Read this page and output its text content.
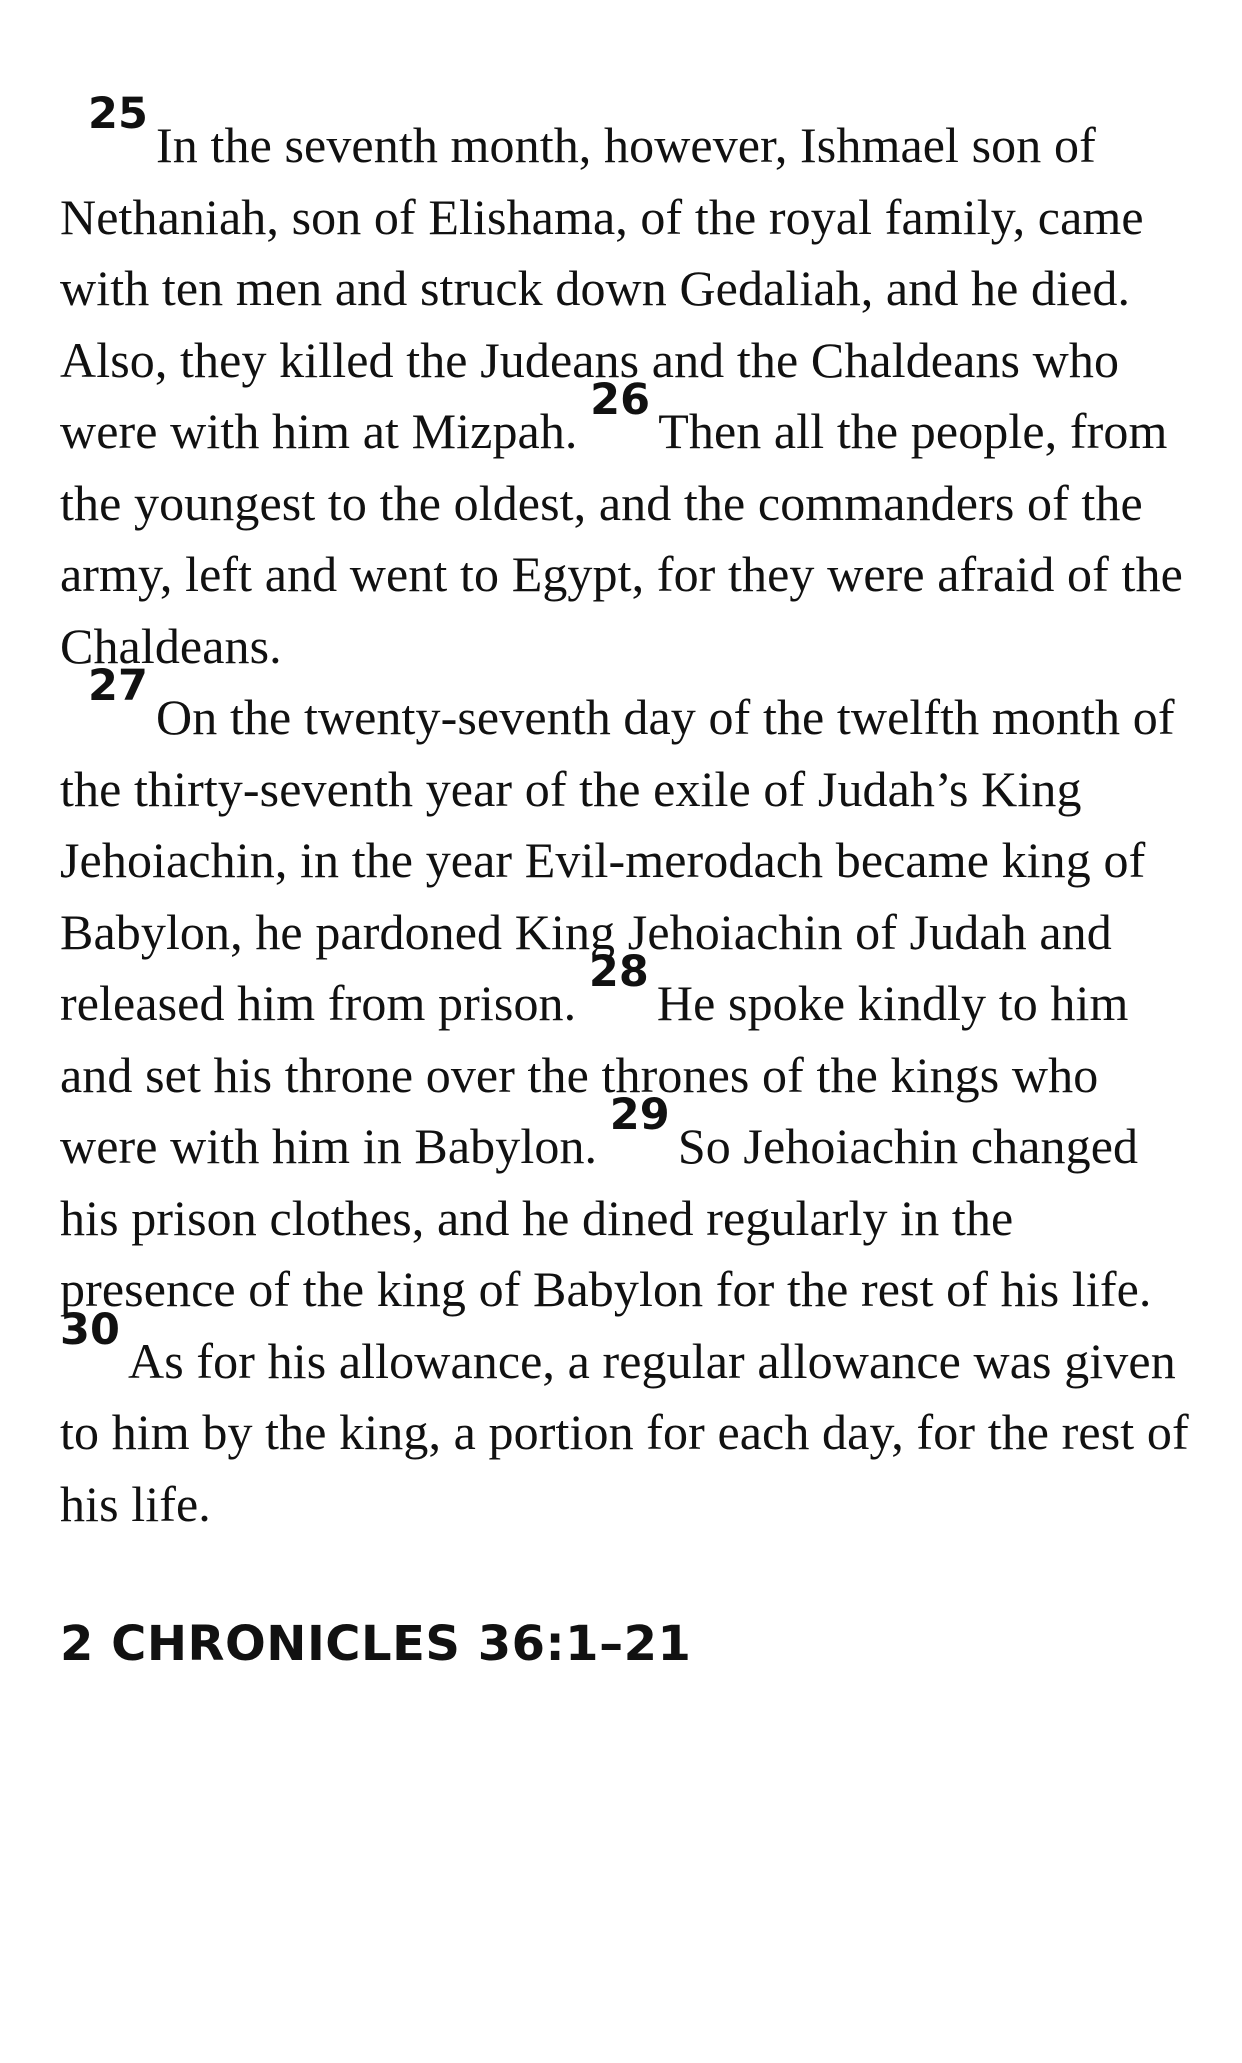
$^{25}$In the seventh month, however, Ishmael son of Nethaniah, son of Elishama, of the royal family, came with ten men and struck down Gedaliah, and he died. Also, they killed the Judeans and the Chaldeans who were with him at Mizpah. $^{26}$Then all the people, from the youngest to the oldest, and the commanders of the army, left and went to Egypt, for they were afraid of the Chaldeans.

$^{27}$On the twenty-seventh day of the twelfth month of the thirty-seventh year of the exile of Judah’s King Jehoiachin, in the year Evil-merodach became king of Babylon, he pardoned King Jehoiachin of Judah and released him from prison. $^{28}$He spoke kindly to him and set his throne over the thrones of the kings who were with him in Babylon. $^{29}$So Jehoiachin changed his prison clothes, and he dined regularly in the presence of the king of Babylon for the rest of his life. $^{30}$As for his allowance, a regular allowance was given to him by the king, a portion for each day, for the rest of his life.

2 CHRONICLES 36:1–21
